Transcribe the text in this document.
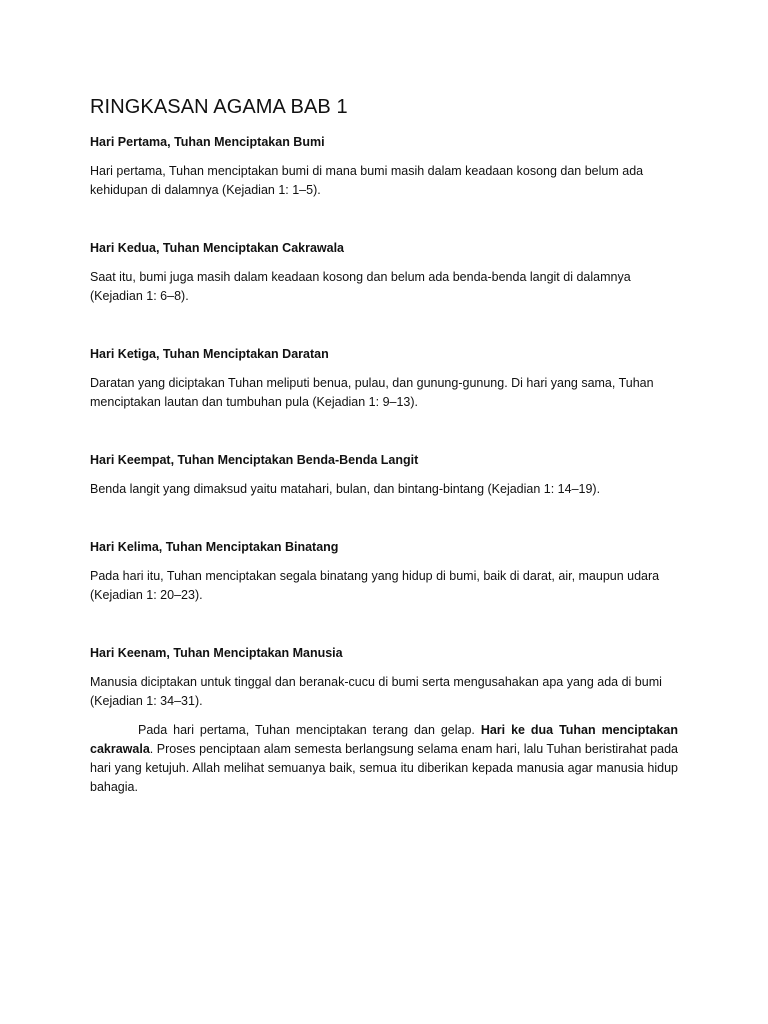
RINGKASAN AGAMA BAB 1

Hari Pertama, Tuhan Menciptakan Bumi

Hari pertama, Tuhan menciptakan bumi di mana bumi masih dalam keadaan kosong dan belum ada kehidupan di dalamnya (Kejadian 1: 1–5).

Hari Kedua, Tuhan Menciptakan Cakrawala

Saat itu, bumi juga masih dalam keadaan kosong dan belum ada benda-benda langit di dalamnya (Kejadian 1: 6–8).

Hari Ketiga, Tuhan Menciptakan Daratan

Daratan yang diciptakan Tuhan meliputi benua, pulau, dan gunung-gunung. Di hari yang sama, Tuhan menciptakan lautan dan tumbuhan pula (Kejadian 1: 9–13).

Hari Keempat, Tuhan Menciptakan Benda-Benda Langit

Benda langit yang dimaksud yaitu matahari, bulan, dan bintang-bintang (Kejadian 1: 14–19).

Hari Kelima, Tuhan Menciptakan Binatang

Pada hari itu, Tuhan menciptakan segala binatang yang hidup di bumi, baik di darat, air, maupun udara (Kejadian 1: 20–23).

Hari Keenam, Tuhan Menciptakan Manusia

Manusia diciptakan untuk tinggal dan beranak-cucu di bumi serta mengusahakan apa yang ada di bumi (Kejadian 1: 34–31).

Pada hari pertama, Tuhan menciptakan terang dan gelap. Hari ke dua Tuhan menciptakan cakrawala. Proses penciptaan alam semesta berlangsung selama enam hari, lalu Tuhan beristirahat pada hari yang ketujuh. Allah melihat semuanya baik, semua itu diberikan kepada manusia agar manusia hidup bahagia.
